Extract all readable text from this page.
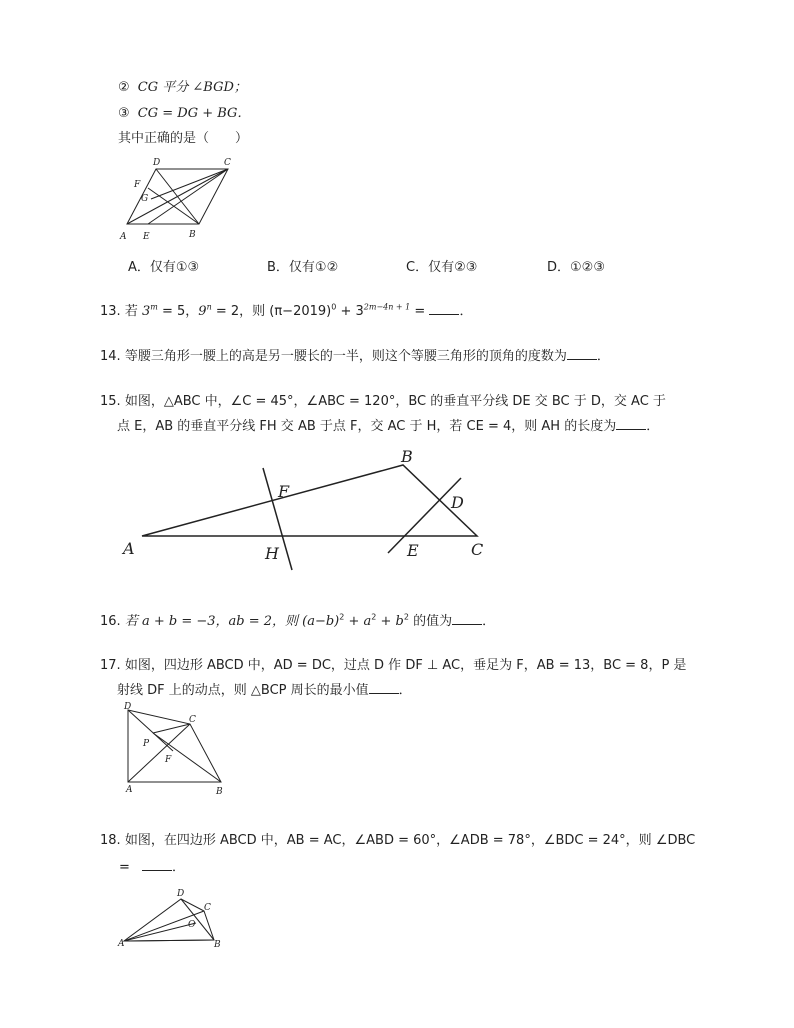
② CG 平分 ∠BGD；
③ CG = DG + BG．
其中正确的是（　　）
D	C
F
G
A E	B
A．仅有①③	B．仅有①②	C．仅有②③	D．①②③
13. 若 $3^m = 5$，$9^n = 2$，则 $(\pi-2019)^0 + 3^{2m-4n + 1}$ = ．
14. 等腰三角形一腰上的高是另一腰长的一半，则这个等腰三角形的顶角的度数为 ．
15. 如图，△ABC 中，∠C = 45°，∠ABC = 120°，BC 的垂直平分线 DE 交 BC 于 D，交 AC 于
点 E，AB 的垂直平分线 FH 交 AB 于点 F，交 AC 于 H，若 CE = 4，则 AH 的长度为 ．
A
B
C
D
E
F
H
16. 若 a + b = −3，ab = 2，则 $(a-b)^2 + a^2 + b^2$ 的值为 ．
17. 如图，四边形 ABCD 中，AD = DC，过点 D 作 DF ⊥ AC，垂足为 F，AB = 13，BC = 8，P 是
射线 DF 上的动点，则 △BCP 周长的最小值 ．
D
C
P
F
A	B
18. 如图，在四边形 ABCD 中，AB = AC，∠ABD = 60°，∠ADB = 78°，∠BDC = 24°，则 ∠DBC
=	．
D
C
O
A	B
